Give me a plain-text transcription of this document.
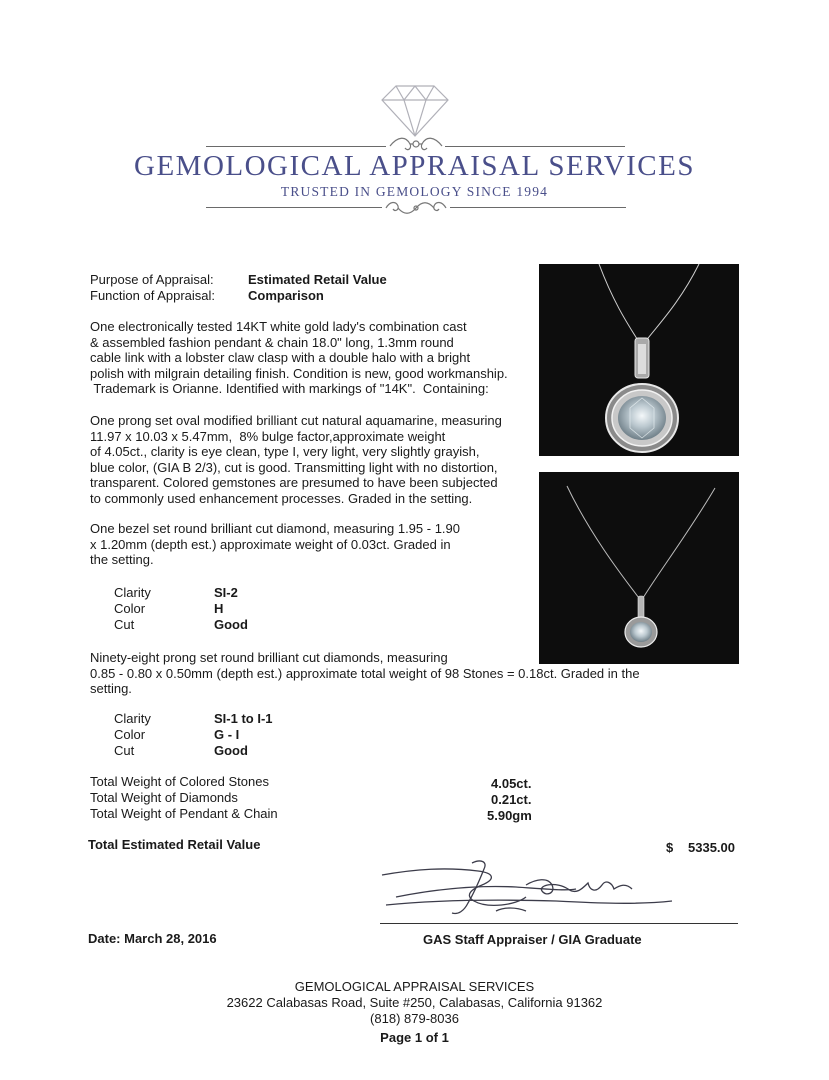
GEMOLOGICAL APPRAISAL SERVICES
TRUSTED IN GEMOLOGY SINCE 1994
Purpose of Appraisal:	Estimated Retail Value
Function of Appraisal:	Comparison
One electronically tested 14KT white gold lady's combination cast
& assembled fashion pendant & chain 18.0" long, 1.3mm round
cable link with a lobster claw clasp with a double halo with a bright
polish with milgrain detailing finish. Condition is new, good workmanship.
Trademark is Orianne. Identified with markings of "14K".  Containing:
One prong set oval modified brilliant cut natural aquamarine, measuring
11.97 x 10.03 x 5.47mm,  8% bulge factor,approximate weight
of 4.05ct., clarity is eye clean, type I, very light, very slightly grayish,
blue color, (GIA B 2/3), cut is good. Transmitting light with no distortion,
transparent. Colored gemstones are presumed to have been subjected
to commonly used enhancement processes. Graded in the setting.
One bezel set round brilliant cut diamond, measuring 1.95 - 1.90
x 1.20mm (depth est.) approximate weight of 0.03ct. Graded in
the setting.
Clarity	SI-2
Color	H
Cut	Good
Ninety-eight prong set round brilliant cut diamonds, measuring
0.85 - 0.80 x 0.50mm (depth est.) approximate total weight of 98 Stones = 0.18ct. Graded in the
setting.
Clarity	SI-1 to I-1
Color	G - I
Cut	Good
Total Weight of Colored Stones	4.05ct.
Total Weight of Diamonds	0.21ct.
Total Weight of Pendant & Chain	5.90gm
Total Estimated Retail Value	$ 5335.00
Date: March 28, 2016	GAS Staff Appraiser / GIA Graduate
GEMOLOGICAL APPRAISAL SERVICES
23622 Calabasas Road, Suite #250, Calabasas, California 91362
(818) 879-8036
Page 1 of 1
